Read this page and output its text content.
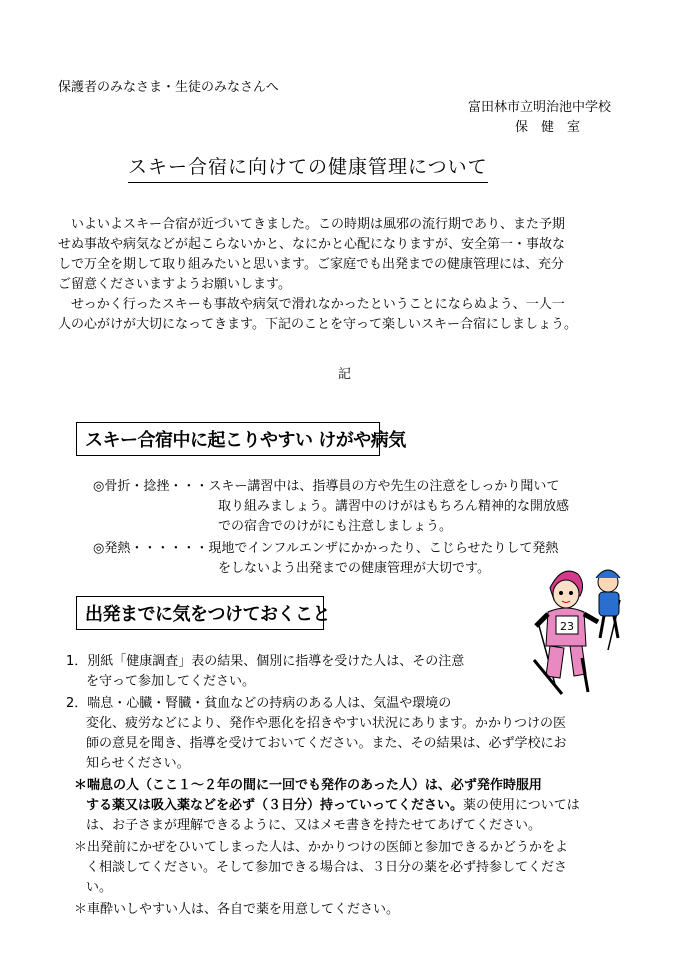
保護者のみなさま・生徒のみなさんへ
富田林市立明治池中学校
保　健　室
スキー合宿に向けての健康管理について
　いよいよスキー合宿が近づいてきました。この時期は風邪の流行期であり、また予期
せぬ事故や病気などが起こらないかと、なにかと心配になりますが、安全第一・事故な
しで万全を期して取り組みたいと思います。ご家庭でも出発までの健康管理には、充分
ご留意くださいますようお願いします。
　せっかく行ったスキーも事故や病気で滑れなかったということにならぬよう、一人一
人の心がけが大切になってきます。下記のことを守って楽しいスキー合宿にしましょう。
記
スキー合宿中に起こりやすい けがや病気
◎骨折・捻挫・・・スキー講習中は、指導員の方や先生の注意をしっかり聞いて
取り組みましょう。講習中のけがはもちろん精神的な開放感
での宿舎でのけがにも注意しましょう。
◎発熱・・・・・・現地でインフルエンザにかかったり、こじらせたりして発熱
をしないよう出発までの健康管理が大切です。
出発までに気をつけておくこと
23
1．別紙「健康調査」表の結果、個別に指導を受けた人は、その注意
を守って参加してください。
2．喘息・心臓・腎臓・貧血などの持病のある人は、気温や環境の
変化、疲労などにより、発作や悪化を招きやすい状況にあります。かかりつけの医
師の意見を聞き、指導を受けておいてください。また、その結果は、必ず学校にお
知らせください。
＊喘息の人（ここ１～２年の間に一回でも発作のあった人）は、必ず発作時服用
する薬又は吸入薬などを必ず（３日分）持っていってください。薬の使用については
は、お子さまが理解できるように、又はメモ書きを持たせてあげてください。
＊出発前にかぜをひいてしまった人は、かかりつけの医師と参加できるかどうかをよ
く相談してください。そして参加できる場合は、３日分の薬を必ず持参してくださ
い。
＊車酔いしやすい人は、各自で薬を用意してください。
